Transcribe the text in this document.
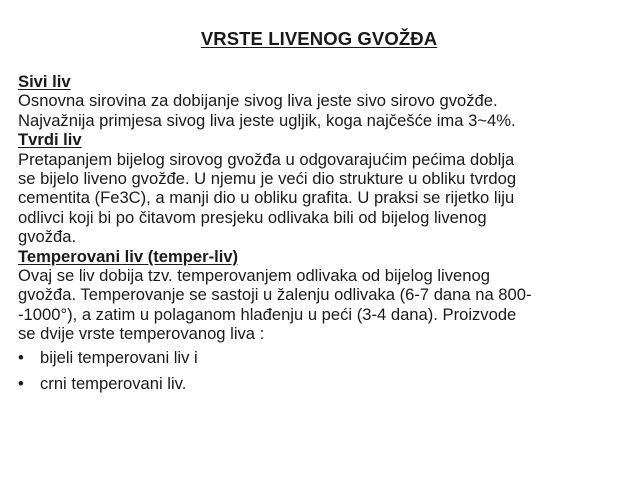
VRSTE LIVENOG GVOŽĐA
Sivi liv
Osnovna sirovina za dobijanje sivog liva jeste sivo sirovo gvožđe.
Najvažnija primjesa sivog liva jeste ugljik, koga najčešće ima 3~4%.
Tvrdi liv
Pretapanjem bijelog sirovog gvožđa u odgovarajućim pećima doblja
se bijelo liveno gvožđe. U njemu je veći dio strukture u obliku tvrdog
cementita (Fe3C), a manji dio u obliku grafita. U praksi se rijetko liju
odlivci koji bi po čitavom presjeku odlivaka bili od bijelog livenog
gvožđa.
Temperovani liv (temper-liv)
Ovaj se liv dobija tzv. temperovanjem odlivaka od bijelog livenog
gvožđa. Temperovanje se sastoji u žalenju odlivaka (6-7 dana na 800-
-1000°), a zatim u polaganom hlađenju u peći (3-4 dana). Proizvode
se dvije vrste temperovanog liva :
• bijeli temperovani liv i
• crni temperovani liv.
